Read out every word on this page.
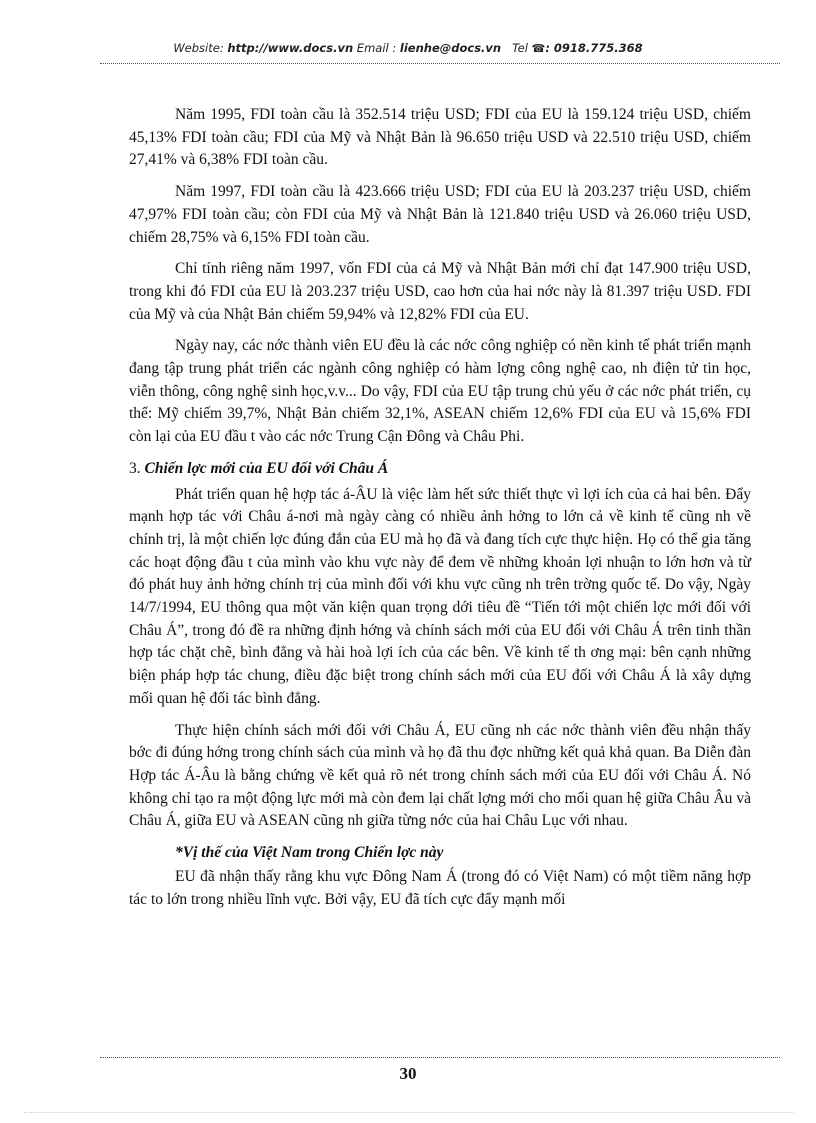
Website: http://www.docs.vn Email : lienhe@docs.vn Tel ☎: 0918.775.368

Năm 1995, FDI toàn cầu là 352.514 triệu USD; FDI của EU là 159.124 triệu USD, chiếm 45,13% FDI toàn cầu; FDI của Mỹ và Nhật Bản là 96.650 triệu USD và 22.510 triệu USD, chiếm 27,41% và 6,38% FDI toàn cầu.

Năm 1997, FDI toàn cầu là 423.666 triệu USD; FDI của EU là 203.237 triệu USD, chiếm 47,97% FDI toàn cầu; còn FDI của Mỹ và Nhật Bản là 121.840 triệu USD và 26.060 triệu USD, chiếm 28,75% và 6,15% FDI toàn cầu.

Chỉ tính riêng năm 1997, vốn FDI của cả Mỹ và Nhật Bản mới chỉ đạt 147.900 triệu USD, trong khi đó FDI của EU là 203.237 triệu USD, cao hơn của hai nớc này là 81.397 triệu USD. FDI của Mỹ và của Nhật Bản chiếm 59,94% và 12,82% FDI của EU.

Ngày nay, các nớc thành viên EU đều là các nớc công nghiệp có nền kinh tế phát triển mạnh đang tập trung phát triển các ngành công nghiệp có hàm lợng công nghệ cao, nh điện tử tin học, viễn thông, công nghệ sinh học,v.v... Do vậy, FDI của EU tập trung chủ yếu ở các nớc phát triển, cụ thể: Mỹ chiếm 39,7%, Nhật Bản chiếm 32,1%, ASEAN chiếm 12,6% FDI của EU và 15,6% FDI còn lại của EU đầu t vào các nớc Trung Cận Đông và Châu Phi.

3. Chiến lợc mới của EU đối với Châu Á

Phát triển quan hệ hợp tác á-ÂU là việc làm hết sức thiết thực vì lợi ích của cả hai bên. Đẩy mạnh hợp tác với Châu á-nơi mà ngày càng có nhiều ảnh hởng to lớn cả về kinh tế cũng nh về chính trị, là một chiến lợc đúng đắn của EU mà họ đã và đang tích cực thực hiện. Họ có thể gia tăng các hoạt động đầu t của mình vào khu vực này để đem về những khoản lợi nhuận to lớn hơn và từ đó phát huy ảnh hởng chính trị của mình đối với khu vực cũng nh trên trờng quốc tế. Do vậy, Ngày 14/7/1994, EU thông qua một văn kiện quan trọng dới tiêu đề “Tiến tới một chiến lợc mới đối với Châu Á”, trong đó đề ra những định hớng và chính sách mới của EU đối với Châu Á trên tinh thần hợp tác chặt chẽ, bình đẳng và hài hoà lợi ích của các bên. Về kinh tế th ơng mại: bên cạnh những biện pháp hợp tác chung, điều đặc biệt trong chính sách mới của EU đối với Châu Á là xây dựng mối quan hệ đối tác bình đẳng.

Thực hiện chính sách mới đối với Châu Á, EU cũng nh các nớc thành viên đều nhận thấy bớc đi đúng hớng trong chính sách của mình và họ đã thu đợc những kết quả khả quan. Ba Diễn đàn Hợp tác Á-Âu là bằng chứng về kết quả rõ nét trong chính sách mới của EU đối với Châu Á. Nó không chỉ tạo ra một động lực mới mà còn đem lại chất lợng mới cho mối quan hệ giữa Châu Âu và Châu Á, giữa EU và ASEAN cũng nh giữa từng nớc của hai Châu Lục với nhau.

*Vị thế của Việt Nam trong Chiến lợc này

EU đã nhận thấy rằng khu vực Đông Nam Á (trong đó có Việt Nam) có một tiềm năng hợp tác to lớn trong nhiều lĩnh vực. Bởi vậy, EU đã tích cực đẩy mạnh mối

30
